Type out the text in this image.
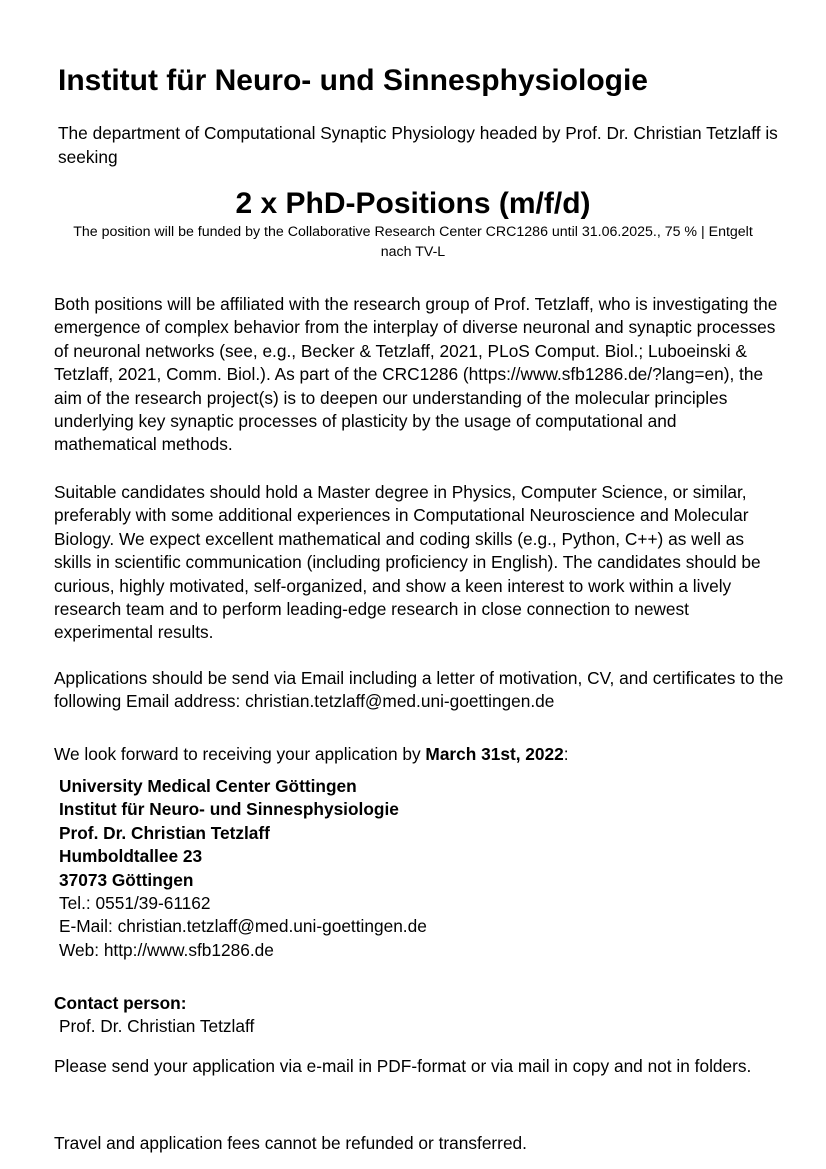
Institut für Neuro- und Sinnesphysiologie
The department of Computational Synaptic Physiology headed by Prof. Dr. Christian Tetzlaff is seeking
2 x PhD-Positions (m/f/d)
The position will be funded by the Collaborative Research Center CRC1286 until 31.06.2025., 75 % | Entgelt nach TV-L
Both positions will be affiliated with the research group of Prof. Tetzlaff, who is investigating the emergence of complex behavior from the interplay of diverse neuronal and synaptic processes of neuronal networks (see, e.g., Becker & Tetzlaff, 2021, PLoS Comput. Biol.; Luboeinski & Tetzlaff, 2021, Comm. Biol.). As part of the CRC1286 (https://www.sfb1286.de/?lang=en), the aim of the research project(s) is to deepen our understanding of the molecular principles underlying key synaptic processes of plasticity by the usage of computational and mathematical methods.
Suitable candidates should hold a Master degree in Physics, Computer Science, or similar, preferably with some additional experiences in Computational Neuroscience and Molecular Biology. We expect excellent mathematical and coding skills (e.g., Python, C++) as well as skills in scientific communication (including proficiency in English). The candidates should be curious, highly motivated, self-organized, and show a keen interest to work within a lively research team and to perform leading-edge research in close connection to newest experimental results.
Applications should be send via Email including a letter of motivation, CV, and certificates to the following Email address: christian.tetzlaff@med.uni-goettingen.de
We look forward to receiving your application by March 31st, 2022:
University Medical Center Göttingen
Institut für Neuro- und Sinnesphysiologie
Prof. Dr. Christian Tetzlaff
Humboldtallee 23
37073 Göttingen
Tel.: 0551/39-61162
E-Mail: christian.tetzlaff@med.uni-goettingen.de
Web: http://www.sfb1286.de
Contact person:
Prof. Dr. Christian Tetzlaff
Please send your application via e-mail in PDF-format or via mail in copy and not in folders.
Travel and application fees cannot be refunded or transferred.
